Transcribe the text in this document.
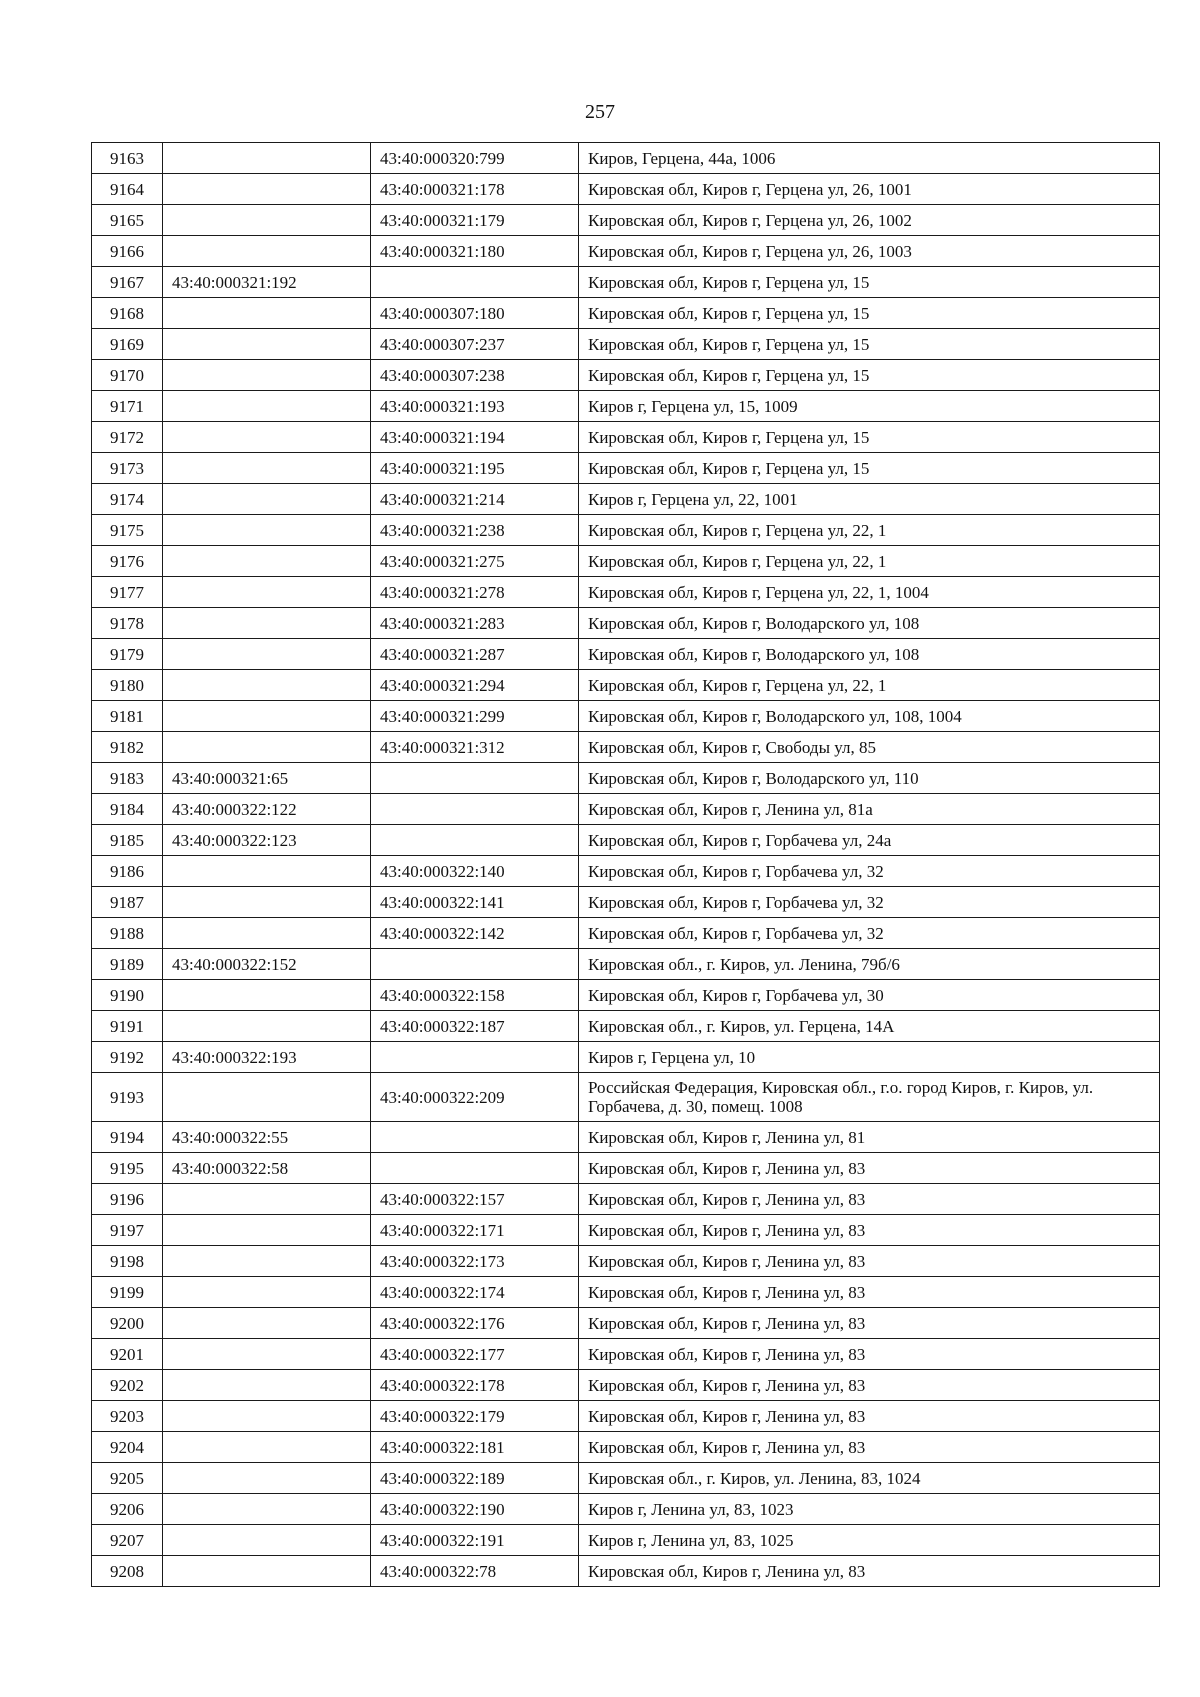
257
9163		43:40:000320:799	Киров, Герцена, 44а, 1006
9164		43:40:000321:178	Кировская обл, Киров г, Герцена ул, 26, 1001
9165		43:40:000321:179	Кировская обл, Киров г, Герцена ул, 26, 1002
9166		43:40:000321:180	Кировская обл, Киров г, Герцена ул, 26, 1003
9167	43:40:000321:192		Кировская обл, Киров г, Герцена ул, 15
9168		43:40:000307:180	Кировская обл, Киров г, Герцена ул, 15
9169		43:40:000307:237	Кировская обл, Киров г, Герцена ул, 15
9170		43:40:000307:238	Кировская обл, Киров г, Герцена ул, 15
9171		43:40:000321:193	Киров г, Герцена ул, 15, 1009
9172		43:40:000321:194	Кировская обл, Киров г, Герцена ул, 15
9173		43:40:000321:195	Кировская обл, Киров г, Герцена ул, 15
9174		43:40:000321:214	Киров г, Герцена ул, 22, 1001
9175		43:40:000321:238	Кировская обл, Киров г, Герцена ул, 22, 1
9176		43:40:000321:275	Кировская обл, Киров г, Герцена ул, 22, 1
9177		43:40:000321:278	Кировская обл, Киров г, Герцена ул, 22, 1, 1004
9178		43:40:000321:283	Кировская обл, Киров г, Володарского ул, 108
9179		43:40:000321:287	Кировская обл, Киров г, Володарского ул, 108
9180		43:40:000321:294	Кировская обл, Киров г, Герцена ул, 22, 1
9181		43:40:000321:299	Кировская обл, Киров г, Володарского ул, 108, 1004
9182		43:40:000321:312	Кировская обл, Киров г, Свободы ул, 85
9183	43:40:000321:65		Кировская обл, Киров г, Володарского ул, 110
9184	43:40:000322:122		Кировская обл, Киров г, Ленина ул, 81а
9185	43:40:000322:123		Кировская обл, Киров г, Горбачева ул, 24а
9186		43:40:000322:140	Кировская обл, Киров г, Горбачева ул, 32
9187		43:40:000322:141	Кировская обл, Киров г, Горбачева ул, 32
9188		43:40:000322:142	Кировская обл, Киров г, Горбачева ул, 32
9189	43:40:000322:152		Кировская обл., г. Киров, ул. Ленина, 79б/6
9190		43:40:000322:158	Кировская обл, Киров г, Горбачева ул, 30
9191		43:40:000322:187	Кировская обл., г. Киров, ул. Герцена, 14А
9192	43:40:000322:193		Киров г, Герцена ул, 10
9193		43:40:000322:209	Российская Федерация, Кировская обл., г.о. город Киров, г. Киров, ул. Горбачева, д. 30, помещ. 1008
9194	43:40:000322:55		Кировская обл, Киров г, Ленина ул, 81
9195	43:40:000322:58		Кировская обл, Киров г, Ленина ул, 83
9196		43:40:000322:157	Кировская обл, Киров г, Ленина ул, 83
9197		43:40:000322:171	Кировская обл, Киров г, Ленина ул, 83
9198		43:40:000322:173	Кировская обл, Киров г, Ленина ул, 83
9199		43:40:000322:174	Кировская обл, Киров г, Ленина ул, 83
9200		43:40:000322:176	Кировская обл, Киров г, Ленина ул, 83
9201		43:40:000322:177	Кировская обл, Киров г, Ленина ул, 83
9202		43:40:000322:178	Кировская обл, Киров г, Ленина ул, 83
9203		43:40:000322:179	Кировская обл, Киров г, Ленина ул, 83
9204		43:40:000322:181	Кировская обл, Киров г, Ленина ул, 83
9205		43:40:000322:189	Кировская обл., г. Киров, ул. Ленина, 83, 1024
9206		43:40:000322:190	Киров г, Ленина ул, 83, 1023
9207		43:40:000322:191	Киров г, Ленина ул, 83, 1025
9208		43:40:000322:78	Кировская обл, Киров г, Ленина ул, 83
